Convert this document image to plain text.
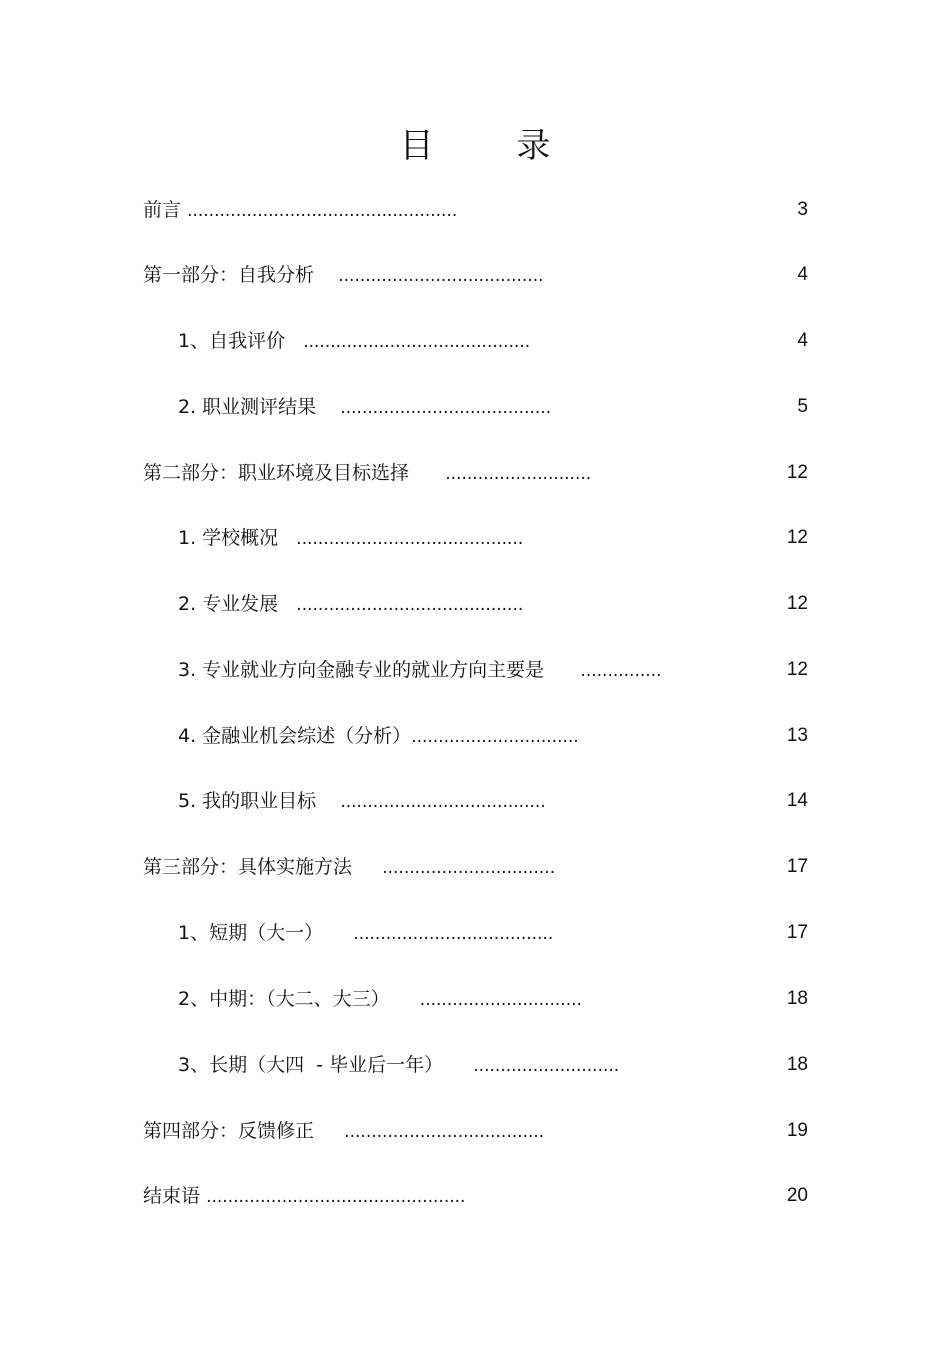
目 录
前言 ..................................................	3
第一部分：自我分析 ......................................	4
1、自我评价 ..........................................	4
2. 职业测评结果 .......................................	5
第二部分：职业环境及目标选择 ...........................	12
1. 学校概况 ..........................................	12
2. 专业发展 ..........................................	12
3. 专业就业方向金融专业的就业方向主要是 ...............	12
4. 金融业机会综述（分析）...............................	13
5. 我的职业目标 ......................................	14
第三部分：具体实施方法 ................................	17
1、短期（大一） .....................................	17
2、中期：（大二、大三） ..............................	18
3、长期（大四  - 毕业后一年） ...........................	18
第四部分：反馈修正 .....................................	19
结束语 ................................................	20
